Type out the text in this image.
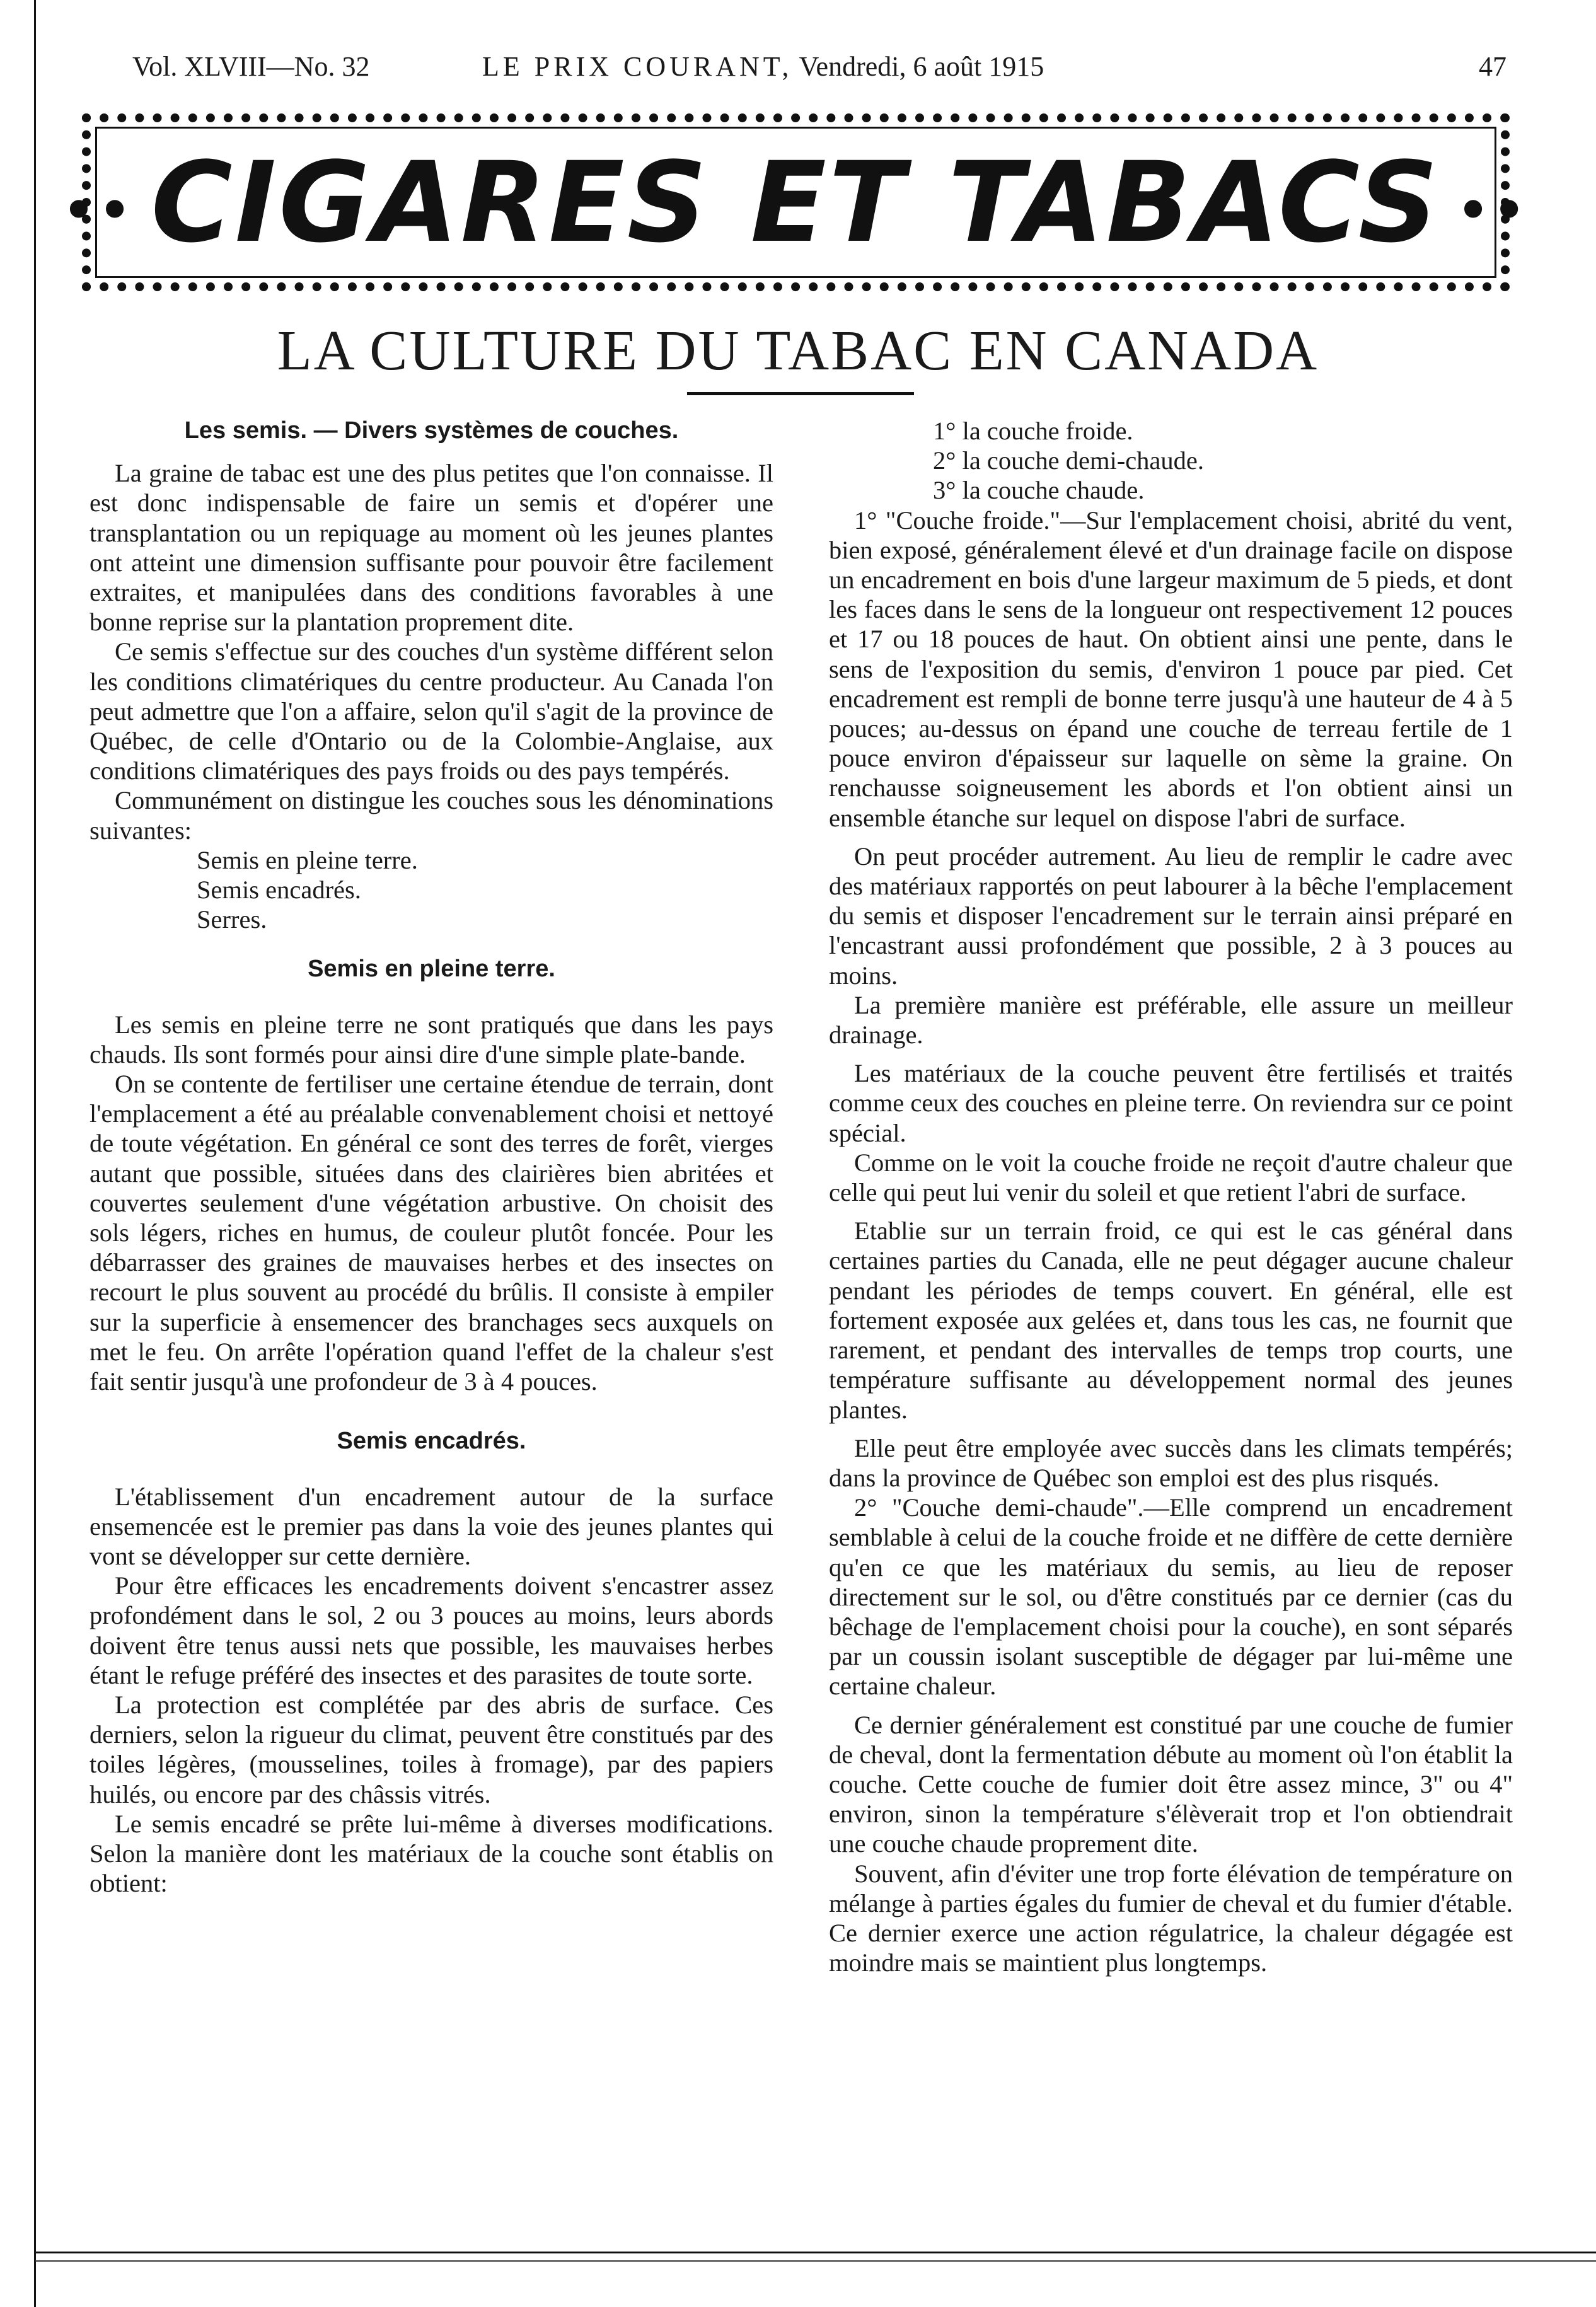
Vol. XLVIII—No. 32	LE PRIX COURANT, Vendredi, 6 août 1915	47
•• CIGARES ET TABACS ••
LA CULTURE DU TABAC EN CANADA
Les semis. — Divers systèmes de couches.

La graine de tabac est une des plus petites que l'on connaisse. Il est donc indispensable de faire un semis et d'opérer une transplantation ou un repiquage au moment où les jeunes plantes ont atteint une dimension suffisante pour pouvoir être facilement extraites, et manipulées dans des conditions favorables à une bonne reprise sur la plantation proprement dite.

Ce semis s'effectue sur des couches d'un système différent selon les conditions climatériques du centre producteur. Au Canada l'on peut admettre que l'on a affaire, selon qu'il s'agit de la province de Québec, de celle d'Ontario ou de la Colombie-Anglaise, aux conditions climatériques des pays froids ou des pays tempérés.

Communément on distingue les couches sous les dénominations suivantes:

Semis en pleine terre.
Semis encadrés.
Serres.
Semis en pleine terre.

Les semis en pleine terre ne sont pratiqués que dans les pays chauds. Ils sont formés pour ainsi dire d'une simple plate-bande.

On se contente de fertiliser une certaine étendue de terrain, dont l'emplacement a été au préalable convenablement choisi et nettoyé de toute végétation. En général ce sont des terres de forêt, vierges autant que possible, situées dans des clairières bien abritées et couvertes seulement d'une végétation arbustive. On choisit des sols légers, riches en humus, de couleur plutôt foncée. Pour les débarrasser des graines de mauvaises herbes et des insectes on recourt le plus souvent au procédé du brûlis. Il consiste à empiler sur la superficie à ensemencer des branchages secs auxquels on met le feu. On arrête l'opération quand l'effet de la chaleur s'est fait sentir jusqu'à une profondeur de 3 à 4 pouces.

Semis encadrés.

L'établissement d'un encadrement autour de la surface ensemencée est le premier pas dans la voie des jeunes plantes qui vont se développer sur cette dernière.

Pour être efficaces les encadrements doivent s'encastrer assez profondément dans le sol, 2 ou 3 pouces au moins, leurs abords doivent être tenus aussi nets que possible, les mauvaises herbes étant le refuge préféré des insectes et des parasites de toute sorte.

La protection est complétée par des abris de surface. Ces derniers, selon la rigueur du climat, peuvent être constitués par des toiles légères, (mousselines, toiles à fromage), par des papiers huilés, ou encore par des châssis vitrés.

Le semis encadré se prête lui-même à diverses modifications. Selon la manière dont les matériaux de la couche sont établis on obtient:

1° la couche froide.
2° la couche demi-chaude.
3° la couche chaude.

1° "Couche froide."—Sur l'emplacement choisi, abrité du vent, bien exposé, généralement élevé et d'un drainage facile on dispose un encadrement en bois d'une largeur maximum de 5 pieds, et dont les faces dans le sens de la longueur ont respectivement 12 pouces et 17 ou 18 pouces de haut. On obtient ainsi une pente, dans le sens de l'exposition du semis, d'environ 1 pouce par pied. Cet encadrement est rempli de bonne terre jusqu'à une hauteur de 4 à 5 pouces; au-dessus on épand une couche de terreau fertile de 1 pouce environ d'épaisseur sur laquelle on sème la graine. On renchausse soigneusement les abords et l'on obtient ainsi un ensemble étanche sur lequel on dispose l'abri de surface.

On peut procéder autrement. Au lieu de remplir le cadre avec des matériaux rapportés on peut labourer à la bêche l'emplacement du semis et disposer l'encadrement sur le terrain ainsi préparé en l'encastrant aussi profondément que possible, 2 à 3 pouces au moins.

La première manière est préférable, elle assure un meilleur drainage.

Les matériaux de la couche peuvent être fertilisés et traités comme ceux des couches en pleine terre. On reviendra sur ce point spécial.

Comme on le voit la couche froide ne reçoit d'autre chaleur que celle qui peut lui venir du soleil et que retient l'abri de surface.

Etablie sur un terrain froid, ce qui est le cas général dans certaines parties du Canada, elle ne peut dégager aucune chaleur pendant les périodes de temps couvert. En général, elle est fortement exposée aux gelées et, dans tous les cas, ne fournit que rarement, et pendant des intervalles de temps trop courts, une température suffisante au développement normal des jeunes plantes.

Elle peut être employée avec succès dans les climats tempérés; dans la province de Québec son emploi est des plus risqués.

2° "Couche demi-chaude".—Elle comprend un encadrement semblable à celui de la couche froide et ne diffère de cette dernière qu'en ce que les matériaux du semis, au lieu de reposer directement sur le sol, ou d'être constitués par ce dernier (cas du bêchage de l'emplacement choisi pour la couche), en sont séparés par un coussin isolant susceptible de dégager par lui-même une certaine chaleur.

Ce dernier généralement est constitué par une couche de fumier de cheval, dont la fermentation débute au moment où l'on établit la couche. Cette couche de fumier doit être assez mince, 3" ou 4" environ, sinon la température s'élèverait trop et l'on obtiendrait une couche chaude proprement dite.

Souvent, afin d'éviter une trop forte élévation de température on mélange à parties égales du fumier de cheval et du fumier d'étable. Ce dernier exerce une action régulatrice, la chaleur dégagée est moindre mais se maintient plus longtemps.
